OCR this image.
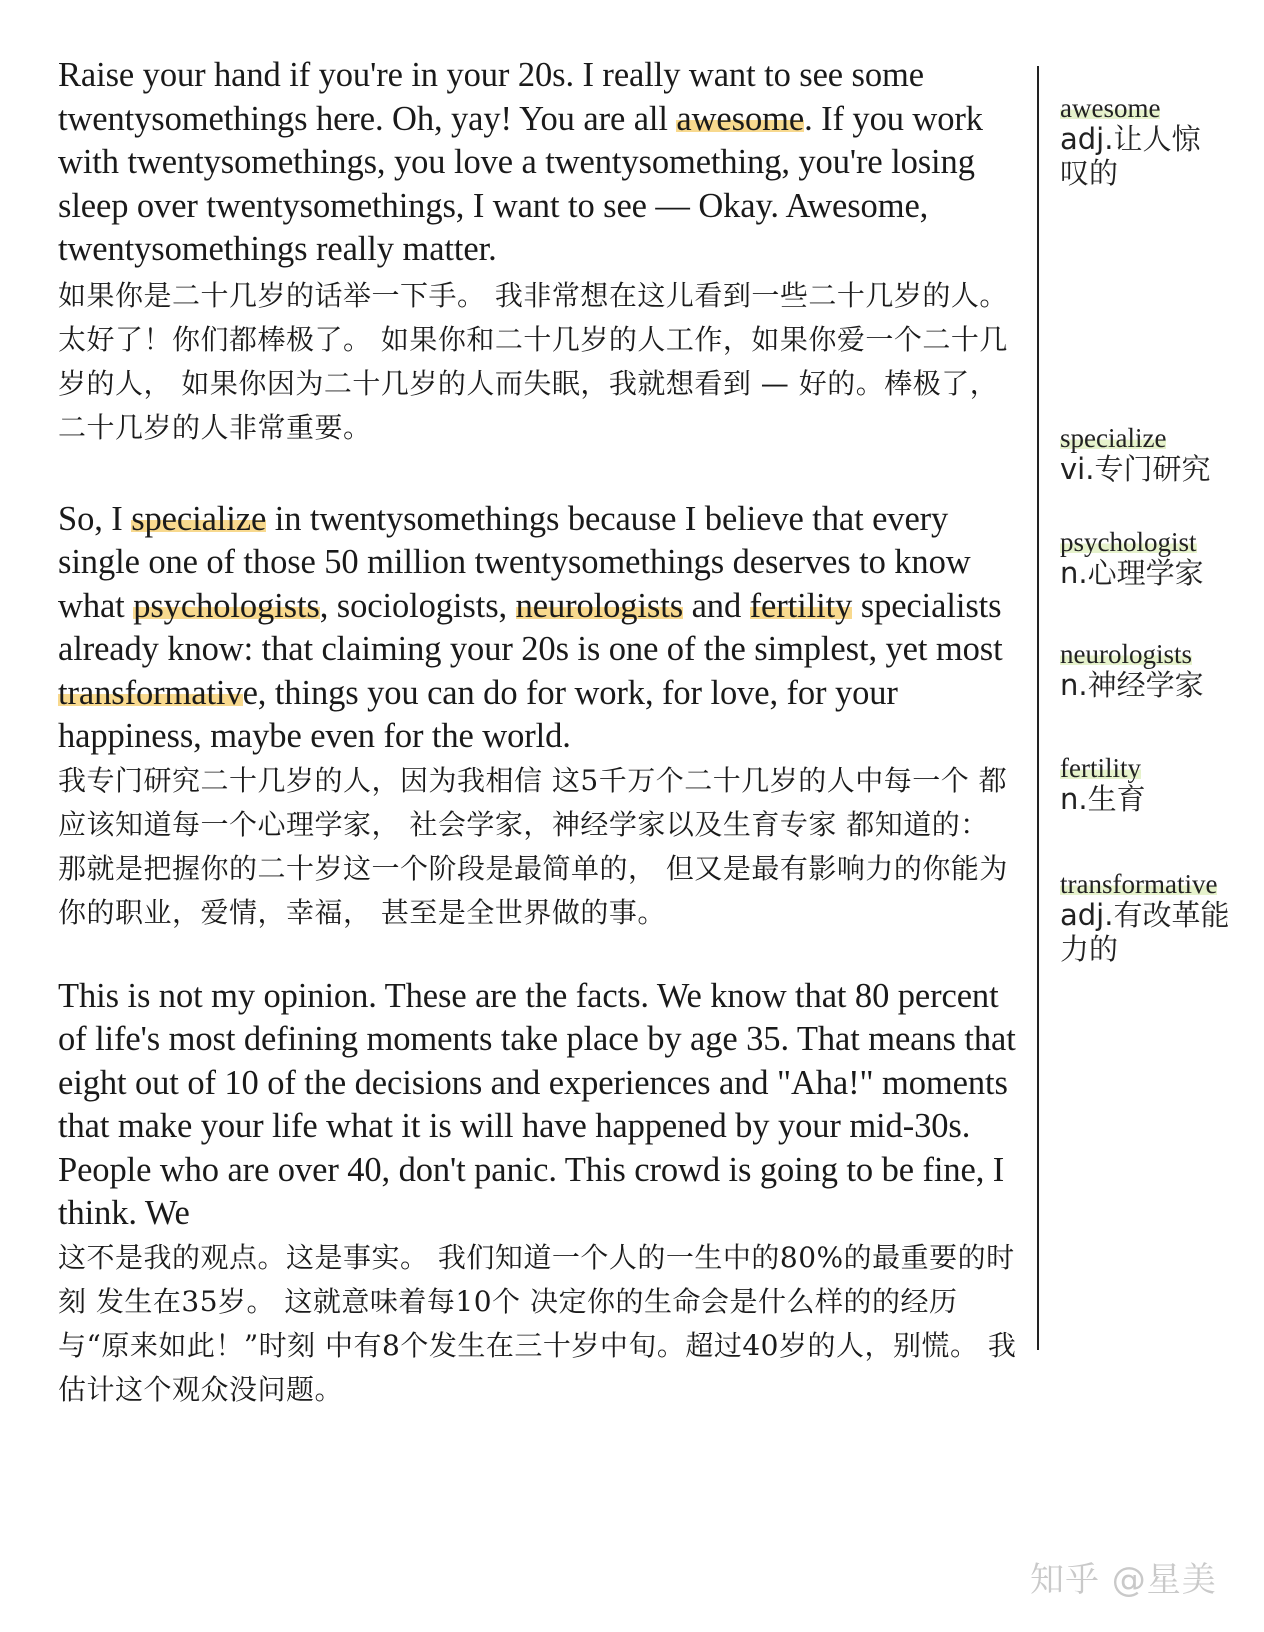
Raise your hand if you're in your 20s. I really want to see some twentysomethings here. Oh, yay! You are all awesome. If you work with twentysomethings, you love a twentysomething, you're losing sleep over twentysomethings, I want to see — Okay. Awesome, twentysomethings really matter.

如果你是二十几岁的话举一下手。 我非常想在这儿看到一些二十几岁的人。 太好了！你们都棒极了。 如果你和二十几岁的人工作，如果你爱一个二十几岁的人， 如果你因为二十几岁的人而失眠，我就想看到 — 好的。棒极了，二十几岁的人非常重要。

So, I specialize in twentysomethings because I believe that every single one of those 50 million twentysomethings deserves to know what psychologists, sociologists, neurologists and fertility specialists already know: that claiming your 20s is one of the simplest, yet most transformative, things you can do for work, for love, for your happiness, maybe even for the world.

我专门研究二十几岁的人，因为我相信 这5千万个二十几岁的人中每一个 都应该知道每一个心理学家， 社会学家，神经学家以及生育专家 都知道的： 那就是把握你的二十岁这一个阶段是最简单的， 但又是最有影响力的你能为 你的职业，爱情，幸福， 甚至是全世界做的事。

This is not my opinion. These are the facts. We know that 80 percent of life's most defining moments take place by age 35. That means that eight out of 10 of the decisions and experiences and "Aha!" moments that make your life what it is will have happened by your mid-30s. People who are over 40, don't panic. This crowd is going to be fine, I think. We

这不是我的观点。这是事实。 我们知道一个人的一生中的80%的最重要的时刻 发生在35岁。 这就意味着每10个 决定你的生命会是什么样的的经历与“原来如此！”时刻 中有8个发生在三十岁中旬。超过40岁的人，别慌。 我估计这个观众没问题。

awesome
adj.让人惊叹的
specialize
vi.专门研究
psychologist
n.心理学家
neurologists
n.神经学家
fertility
n.生育
transformative
adj.有改革能力的
知乎 @星美
